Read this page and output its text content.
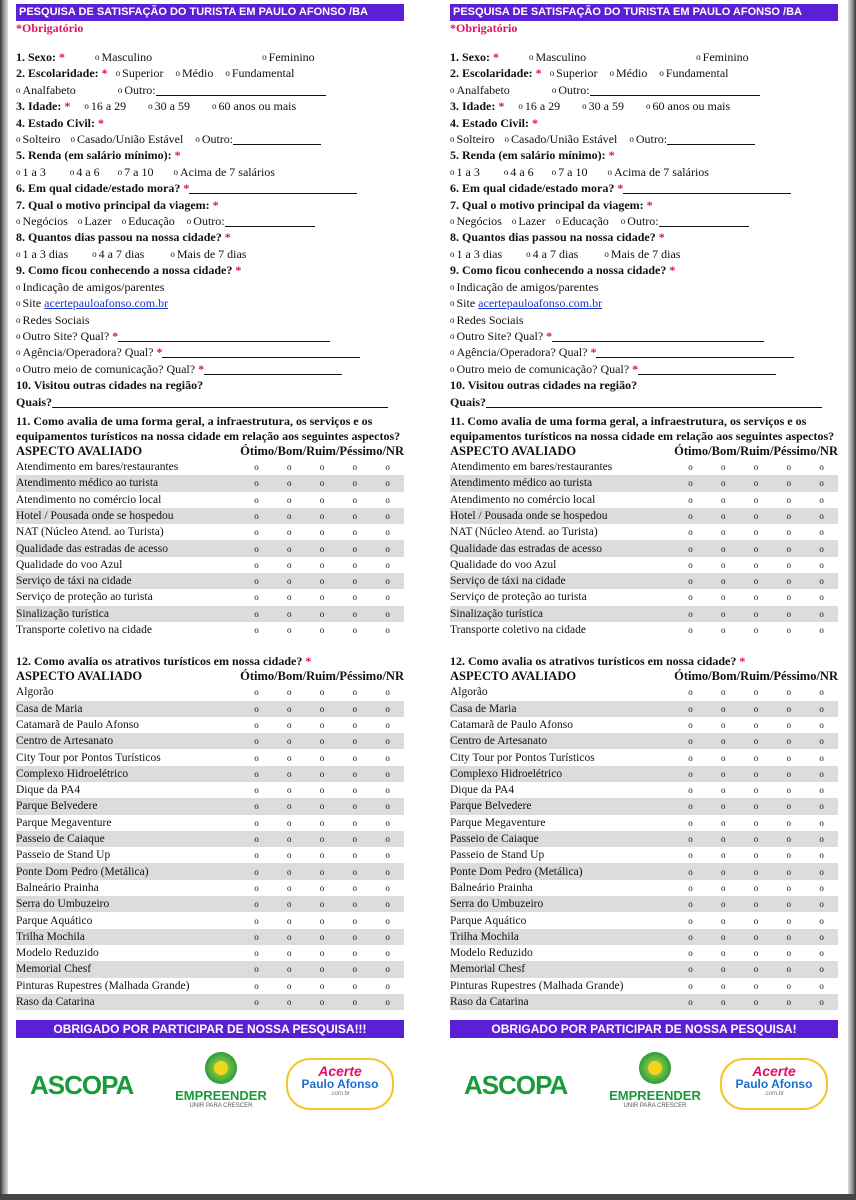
PESQUISA DE SATISFAÇÃO DO TURISTA EM PAULO AFONSO /BA
*Obrigatório
1. Sexo: *	o Masculino	o Feminino
2. Escolaridade: * o Superior o Médio o Fundamental
o Analfabeto	o Outro:
3. Idade: * o 16 a 29 o 30 a 59 o 60 anos ou mais
4. Estado Civil: *
o Solteiro o Casado/União Estável o Outro:
5. Renda (em salário mínimo): *
o 1 a 3	o 4 a 6 o 7 a 10 o Acima de 7 salários
6. Em qual cidade/estado mora? *
7. Qual o motivo principal da viagem: *
o Negócios o Lazer o Educação o Outro:
8. Quantos dias passou na nossa cidade? *
o 1 a 3 dias	o 4 a 7 dias	o Mais de 7 dias
9. Como ficou conhecendo a nossa cidade? *
o Indicação de amigos/parentes
o Site acertepauloafonso.com.br
o Redes Sociais
o Outro Site? Qual? *
o Agência/Operadora? Qual? *
o Outro meio de comunicação? Qual? *
10. Visitou outras cidades na região?
Quais?
11. Como avalia de uma forma geral, a infraestrutura, os serviços e os equipamentos turísticos na nossa cidade em relação aos seguintes aspectos?
ASPECTO AVALIADO	Ótimo/Bom/Ruim/Péssimo/NR				
Atendimento em bares/restaurantes	o	o	o	o	o
Atendimento médico ao turista	o	o	o	o	o
Atendimento no comércio local	o	o	o	o	o
Hotel / Pousada onde se hospedou	o	o	o	o	o
NAT (Núcleo Atend. ao Turista)	o	o	o	o	o
Qualidade das estradas de acesso	o	o	o	o	o
Qualidade do voo Azul	o	o	o	o	o
Serviço de táxi na cidade	o	o	o	o	o
Serviço de proteção ao turista	o	o	o	o	o
Sinalização turística	o	o	o	o	o
Transporte coletivo na cidade	o	o	o	o	o
12. Como avalia os atrativos turísticos em nossa cidade? *
ASPECTO AVALIADO	Ótimo/Bom/Ruim/Péssimo/NR				
Algorão	o	o	o	o	o
Casa de Maria	o	o	o	o	o
Catamarã de Paulo Afonso	o	o	o	o	o
Centro de Artesanato	o	o	o	o	o
City Tour por Pontos Turísticos	o	o	o	o	o
Complexo Hidroelétrico	o	o	o	o	o
Dique da PA4	o	o	o	o	o
Parque Belvedere	o	o	o	o	o
Parque Megaventure	o	o	o	o	o
Passeio de Caiaque	o	o	o	o	o
Passeio de Stand Up	o	o	o	o	o
Ponte Dom Pedro (Metálica)	o	o	o	o	o
Balneário Prainha	o	o	o	o	o
Serra do Umbuzeiro	o	o	o	o	o
Parque Aquático	o	o	o	o	o
Trilha Mochila	o	o	o	o	o
Modelo Reduzido	o	o	o	o	o
Memorial Chesf	o	o	o	o	o
Pinturas Rupestres (Malhada Grande)	o	o	o	o	o
Raso da Catarina	o	o	o	o	o
OBRIGADO POR PARTICIPAR DE NOSSA PESQUISA!!!
ASCOPA	EMPREENDER
UNIR PARA CRESCER
Acerte
Paulo Afonso
.com.br
PESQUISA DE SATISFAÇÃO DO TURISTA EM PAULO AFONSO /BA
*Obrigatório
1. Sexo: *	o Masculino	o Feminino
2. Escolaridade: * o Superior o Médio o Fundamental
o Analfabeto	o Outro:
3. Idade: * o 16 a 29 o 30 a 59 o 60 anos ou mais
4. Estado Civil: *
o Solteiro o Casado/União Estável o Outro:
5. Renda (em salário mínimo): *
o 1 a 3	o 4 a 6 o 7 a 10 o Acima de 7 salários
6. Em qual cidade/estado mora? *
7. Qual o motivo principal da viagem: *
o Negócios o Lazer o Educação o Outro:
8. Quantos dias passou na nossa cidade? *
o 1 a 3 dias	o 4 a 7 dias	o Mais de 7 dias
9. Como ficou conhecendo a nossa cidade? *
o Indicação de amigos/parentes
o Site acertepauloafonso.com.br
o Redes Sociais
o Outro Site? Qual? *
o Agência/Operadora? Qual? *
o Outro meio de comunicação? Qual? *
10. Visitou outras cidades na região?
Quais?
11. Como avalia de uma forma geral, a infraestrutura, os serviços e os equipamentos turísticos na nossa cidade em relação aos seguintes aspectos?
ASPECTO AVALIADO	Ótimo/Bom/Ruim/Péssimo/NR				
Atendimento em bares/restaurantes	o	o	o	o	o
Atendimento médico ao turista	o	o	o	o	o
Atendimento no comércio local	o	o	o	o	o
Hotel / Pousada onde se hospedou	o	o	o	o	o
NAT (Núcleo Atend. ao Turista)	o	o	o	o	o
Qualidade das estradas de acesso	o	o	o	o	o
Qualidade do voo Azul	o	o	o	o	o
Serviço de táxi na cidade	o	o	o	o	o
Serviço de proteção ao turista	o	o	o	o	o
Sinalização turística	o	o	o	o	o
Transporte coletivo na cidade	o	o	o	o	o
12. Como avalia os atrativos turísticos em nossa cidade? *
ASPECTO AVALIADO	Ótimo/Bom/Ruim/Péssimo/NR				
Algorão	o	o	o	o	o
Casa de Maria	o	o	o	o	o
Catamarã de Paulo Afonso	o	o	o	o	o
Centro de Artesanato	o	o	o	o	o
City Tour por Pontos Turísticos	o	o	o	o	o
Complexo Hidroelétrico	o	o	o	o	o
Dique da PA4	o	o	o	o	o
Parque Belvedere	o	o	o	o	o
Parque Megaventure	o	o	o	o	o
Passeio de Caiaque	o	o	o	o	o
Passeio de Stand Up	o	o	o	o	o
Ponte Dom Pedro (Metálica)	o	o	o	o	o
Balneário Prainha	o	o	o	o	o
Serra do Umbuzeiro	o	o	o	o	o
Parque Aquático	o	o	o	o	o
Trilha Mochila	o	o	o	o	o
Modelo Reduzido	o	o	o	o	o
Memorial Chesf	o	o	o	o	o
Pinturas Rupestres (Malhada Grande)	o	o	o	o	o
Raso da Catarina	o	o	o	o	o
OBRIGADO POR PARTICIPAR DE NOSSA PESQUISA!
ASCOPA	EMPREENDER
UNIR PARA CRESCER
Acerte
Paulo Afonso
.com.br
